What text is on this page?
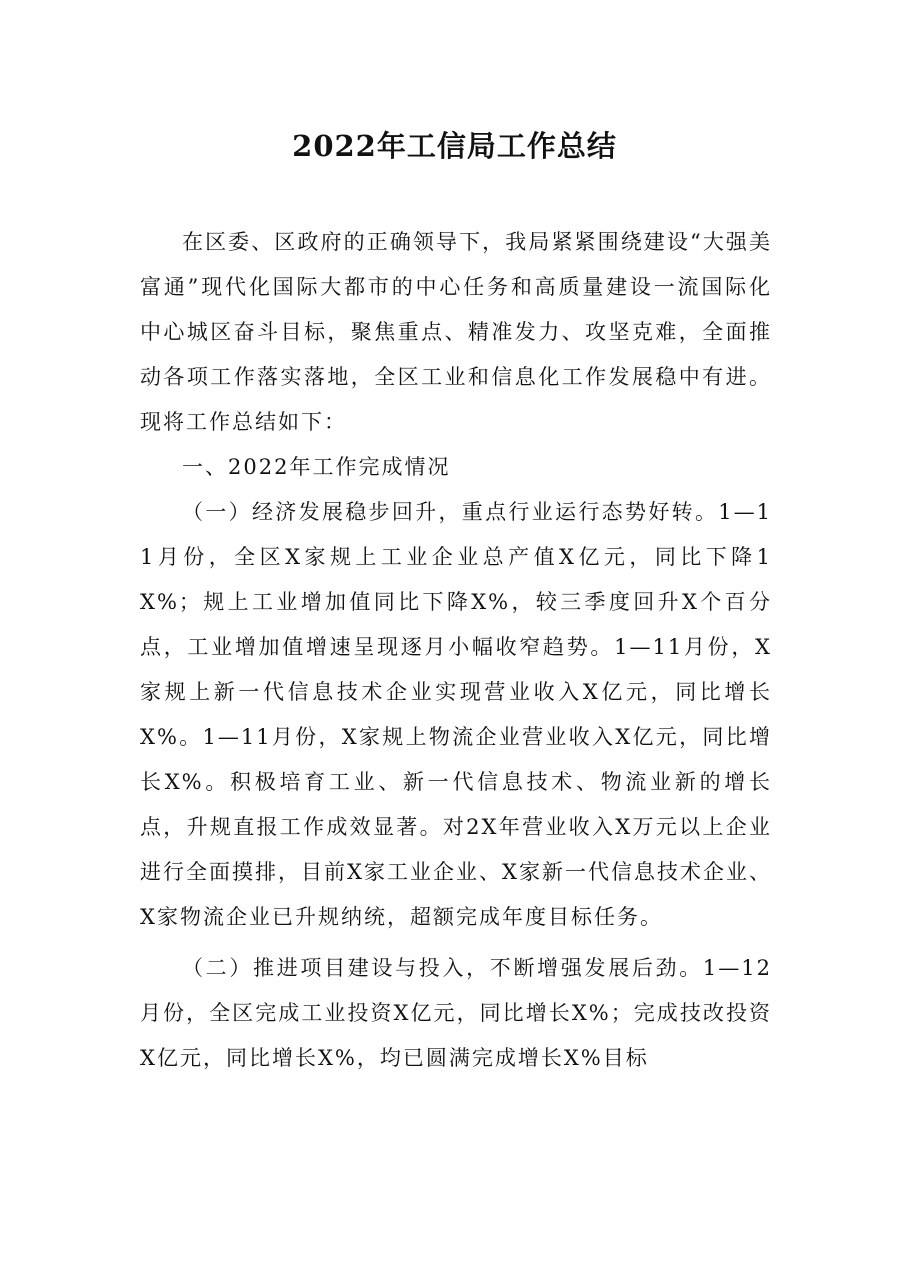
2022年工信局工作总结

在区委、区政府的正确领导下，我局紧紧围绕建设“大强美富通”现代化国际大都市的中心任务和高质量建设一流国际化中心城区奋斗目标，聚焦重点、精准发力、攻坚克难，全面推动各项工作落实落地，全区工业和信息化工作发展稳中有进。现将工作总结如下：

一、2022年工作完成情况

（一）经济发展稳步回升，重点行业运行态势好转。1—11月份，全区X家规上工业企业总产值X亿元，同比下降1X%；规上工业增加值同比下降X%，较三季度回升X个百分点，工业增加值增速呈现逐月小幅收窄趋势。1—11月份，X家规上新一代信息技术企业实现营业收入X亿元，同比增长X%。1—11月份，X家规上物流企业营业收入X亿元，同比增长X%。积极培育工业、新一代信息技术、物流业新的增长点，升规直报工作成效显著。对2X年营业收入X万元以上企业进行全面摸排，目前X家工业企业、X家新一代信息技术企业、X家物流企业已升规纳统，超额完成年度目标任务。

（二）推进项目建设与投入，不断增强发展后劲。1—12月份，全区完成工业投资X亿元，同比增长X%；完成技改投资X亿元，同比增长X%，均已圆满完成增长X%目标
